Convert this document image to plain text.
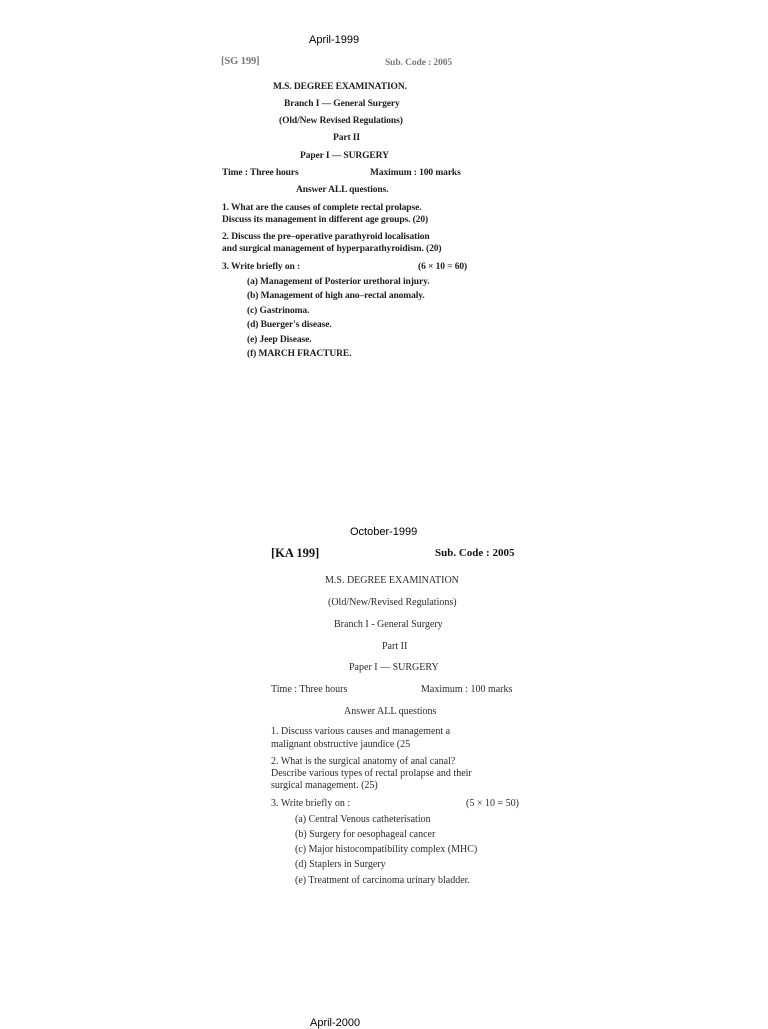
April-1999
[SG 199]	Sub. Code : 2005
M.S. DEGREE EXAMINATION.
Branch I — General Surgery
(Old/New Revised Regulations)
Part II
Paper I — SURGERY
Time : Three hours	Maximum : 100 marks
Answer ALL questions.
1. What are the causes of complete rectal prolapse.
Discuss its management in different age groups. (20)
2. Discuss the pre–operative parathyroid localisation
and surgical management of hyperparathyroidism. (20)
3. Write briefly on :	(6 × 10 = 60)
(a) Management of Posterior urethoral injury.
(b) Management of high ano–rectal anomaly.
(c) Gastrinoma.
(d) Buerger's disease.
(e) Jeep Disease.
(f) MARCH FRACTURE.
October-1999
[KA 199]	Sub. Code : 2005
M.S. DEGREE EXAMINATION
(Old/New/Revised Regulations)
Branch I - General Surgery
Part II
Paper I — SURGERY
Time : Three hours	Maximum : 100 marks
Answer ALL questions
1. Discuss various causes and management a
malignant obstructive jaundice (25
2. What is the surgical anatomy of anal canal?
Describe various types of rectal prolapse and their
surgical management. (25)
3. Write briefly on :	(5 × 10 = 50)
(a) Central Venous catheterisation
(b) Surgery for oesophageal cancer
(c) Major histocompatibility complex (MHC)
(d) Staplers in Surgery
(e) Treatment of carcinoma urinary bladder.
April-2000
